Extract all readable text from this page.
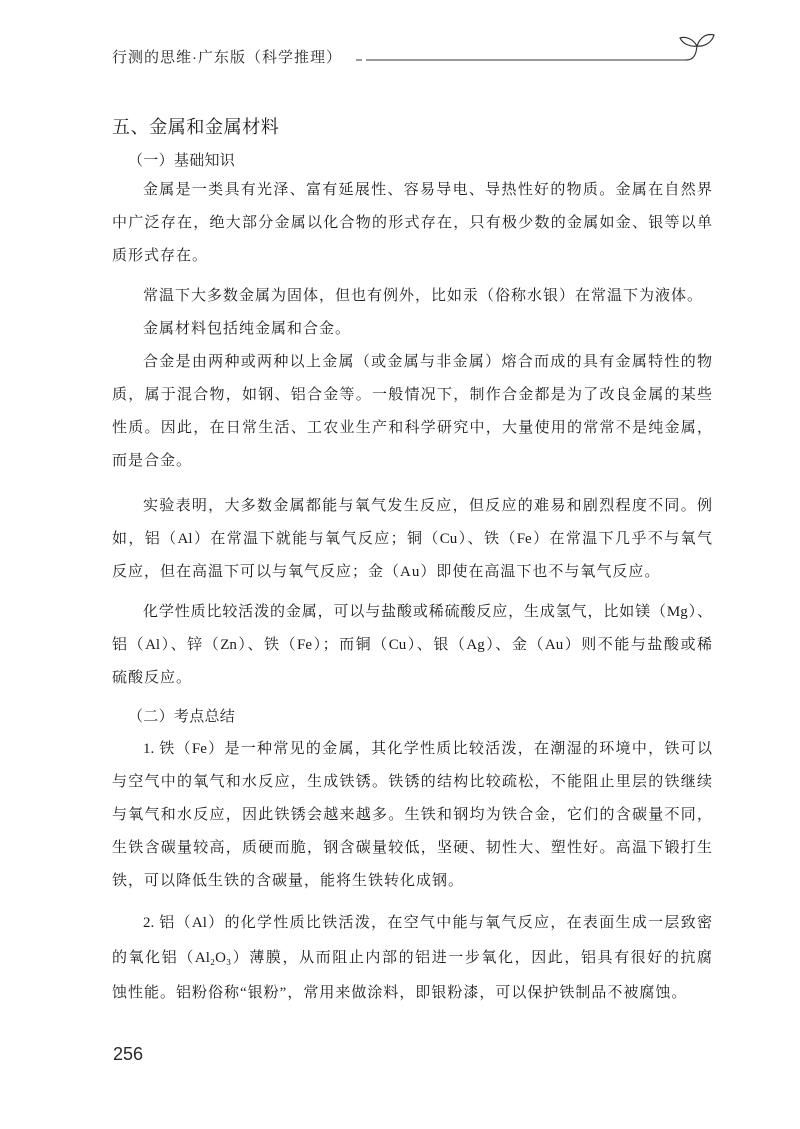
行测的思维·广东版（科学推理）
五、金属和金属材料
（一）基础知识
金属是一类具有光泽、富有延展性、容易导电、导热性好的物质。金属在自然界
中广泛存在，绝大部分金属以化合物的形式存在，只有极少数的金属如金、银等以单
质形式存在。
常温下大多数金属为固体，但也有例外，比如汞（俗称水银）在常温下为液体。
金属材料包括纯金属和合金。
合金是由两种或两种以上金属（或金属与非金属）熔合而成的具有金属特性的物
质，属于混合物，如钢、铝合金等。一般情况下，制作合金都是为了改良金属的某些
性质。因此，在日常生活、工农业生产和科学研究中，大量使用的常常不是纯金属，
而是合金。
实验表明，大多数金属都能与氧气发生反应，但反应的难易和剧烈程度不同。例
如，铝（Al）在常温下就能与氧气反应；铜（Cu）、铁（Fe）在常温下几乎不与氧气
反应，但在高温下可以与氧气反应；金（Au）即使在高温下也不与氧气反应。
化学性质比较活泼的金属，可以与盐酸或稀硫酸反应，生成氢气，比如镁（Mg）、
铝（Al）、锌（Zn）、铁（Fe）；而铜（Cu）、银（Ag）、金（Au）则不能与盐酸或稀
硫酸反应。
（二）考点总结
1. 铁（Fe）是一种常见的金属，其化学性质比较活泼，在潮湿的环境中，铁可以
与空气中的氧气和水反应，生成铁锈。铁锈的结构比较疏松，不能阻止里层的铁继续
与氧气和水反应，因此铁锈会越来越多。生铁和钢均为铁合金，它们的含碳量不同，
生铁含碳量较高，质硬而脆，钢含碳量较低，坚硬、韧性大、塑性好。高温下锻打生
铁，可以降低生铁的含碳量，能将生铁转化成钢。
2. 铝（Al）的化学性质比铁活泼，在空气中能与氧气反应，在表面生成一层致密
的氧化铝（Al₂O₃）薄膜，从而阻止内部的铝进一步氧化，因此，铝具有很好的抗腐
蚀性能。铝粉俗称“银粉”，常用来做涂料，即银粉漆，可以保护铁制品不被腐蚀。
256
